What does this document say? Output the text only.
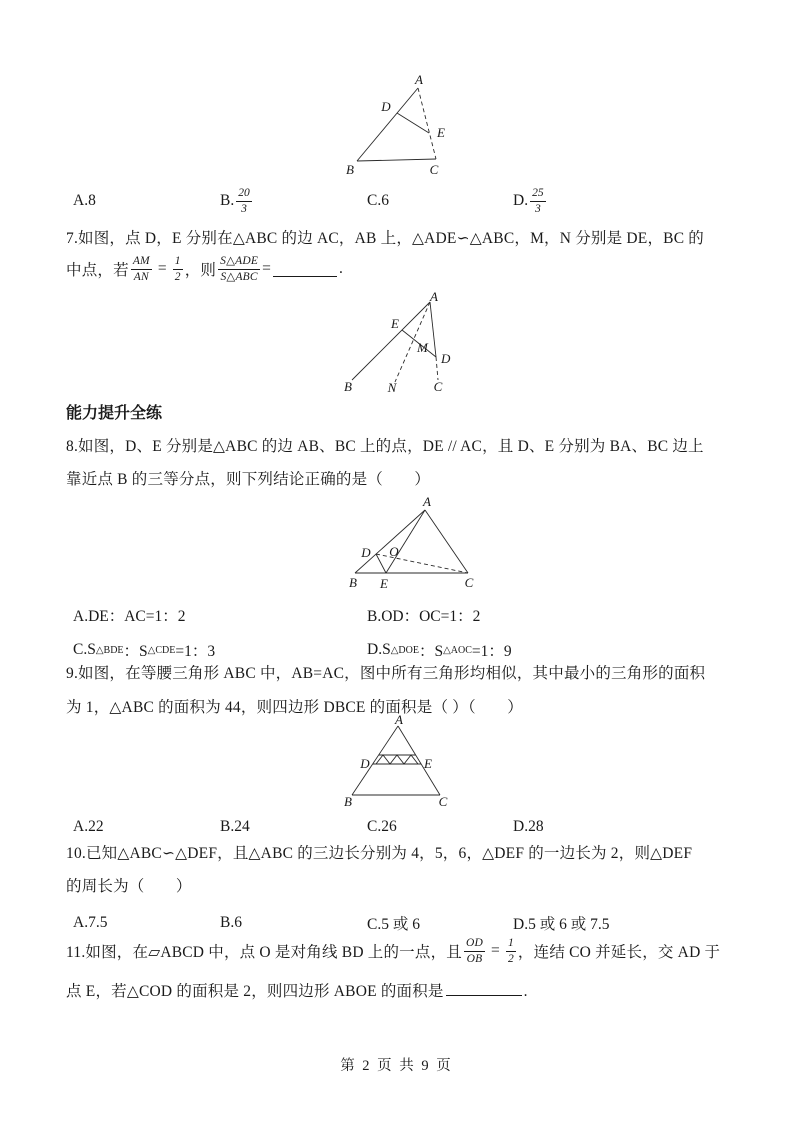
A
D
E
B	C
A.8	B. $\frac{20}{3}$	C.6	D. $\frac{25}{3}$
7.如图，点 D，E 分别在△ABC 的边 AC，AB 上，△ADE∽△ABC，M，N 分别是 DE，BC 的
中点，若 $\frac{AM}{AN} = \frac{1}{2}$ ，则 $\frac{\text{S△ADE}}{\text{S△ABC}}$ =	.
A
E
M
D
B	N	C
能力提升全练
8.如图，D、E 分别是△ABC 的边 AB、BC 上的点，DE // AC，且 D、E 分别为 BA、BC 边上
靠近点 B 的三等分点，则下列结论正确的是（　　）
A
D O
B E	C
A.DE：AC=1：2	B.OD：OC=1：2
C.S △BDE ：S △CDE =1：3	D.S △DOE ：S △AOC =1：9
9.如图，在等腰三角形 ABC 中，AB=AC，图中所有三角形均相似，其中最小的三角形的面积
为 1，△ABC 的面积为 44，则四边形 DBCE 的面积是（ ）（　　）
A
D	E
B	C
A.22	B.24	C.26	D.28
10.已知△ABC∽△DEF，且△ABC 的三边长分别为 4，5，6，△DEF 的一边长为 2，则△DEF
的周长为（　　）
A.7.5	B.6	C.5 或 6	D.5 或 6 或 7.5
11.如图，在▱ABCD 中，点 O 是对角线 BD 上的一点，且 $\frac{OD}{OB} = \frac{1}{2}$ ，连结 CO 并延长，交 AD 于
点 E，若△COD 的面积是 2，则四边形 ABOE 的面积是	.
第 2 页 共 9 页
